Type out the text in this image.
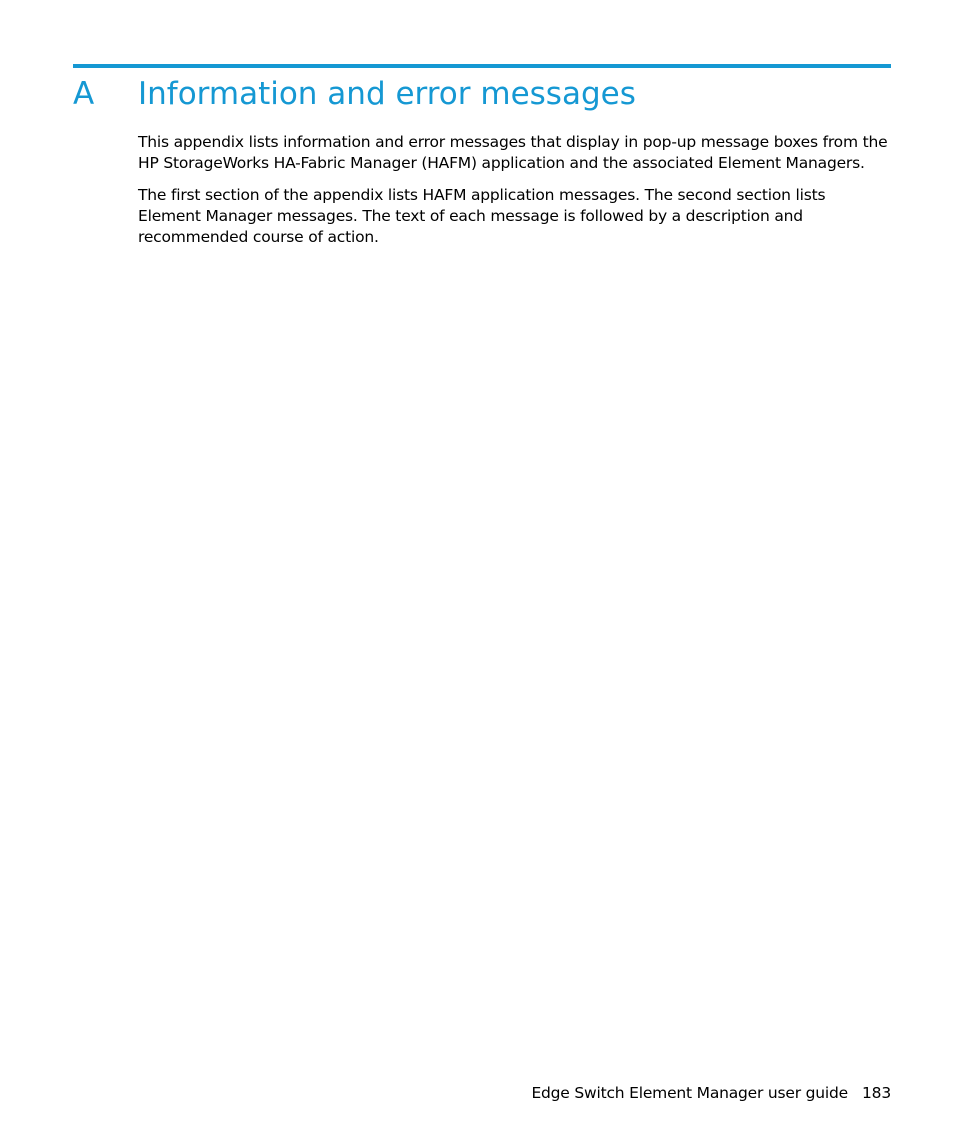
A Information and error messages

This appendix lists information and error messages that display in pop-up message boxes from the HP StorageWorks HA-Fabric Manager (HAFM) application and the associated Element Managers.

The first section of the appendix lists HAFM application messages. The second section lists Element Manager messages. The text of each message is followed by a description and recommended course of action.

Edge Switch Element Manager user guide 183
